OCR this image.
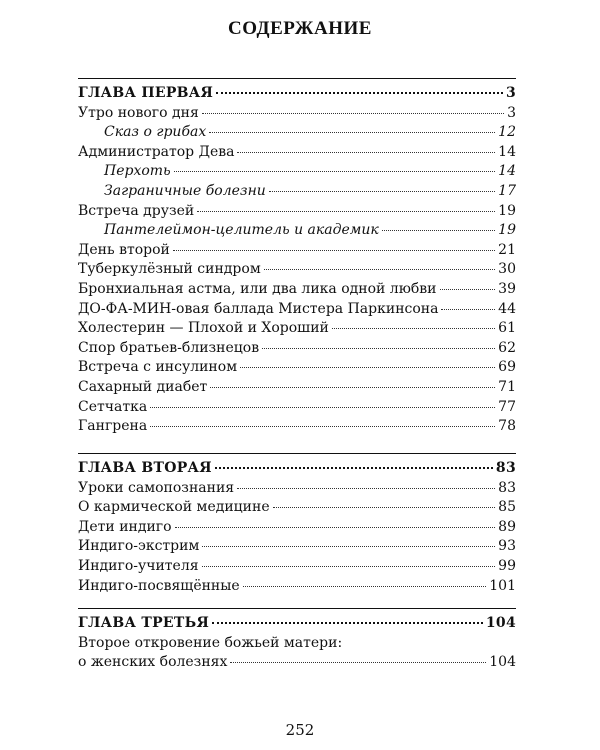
СОДЕРЖАНИЕ
ГЛАВА ПЕРВАЯ	3
Утро нового дня	3
Сказ о грибах	12
Администратор Дева	14
Перхоть	14
Заграничные болезни	17
Встреча друзей	19
Пантелеймон-целитель и академик	19
День второй	21
Туберкулёзный синдром	30
Бронхиальная астма, или два лика одной любви	39
ДО-ФА-МИН-овая баллада Мистера Паркинсона	44
Холестерин — Плохой и Хороший	61
Спор братьев-близнецов	62
Встреча с инсулином	69
Сахарный диабет	71
Сетчатка	77
Гангрена	78
ГЛАВА ВТОРАЯ	83
Уроки самопознания	83
О кармической медицине	85
Дети индиго	89
Индиго-экстрим	93
Индиго-учителя	99
Индиго-посвящённые	101
ГЛАВА ТРЕТЬЯ	104
Второе откровение божьей матери:
о женских болезнях	104
252
